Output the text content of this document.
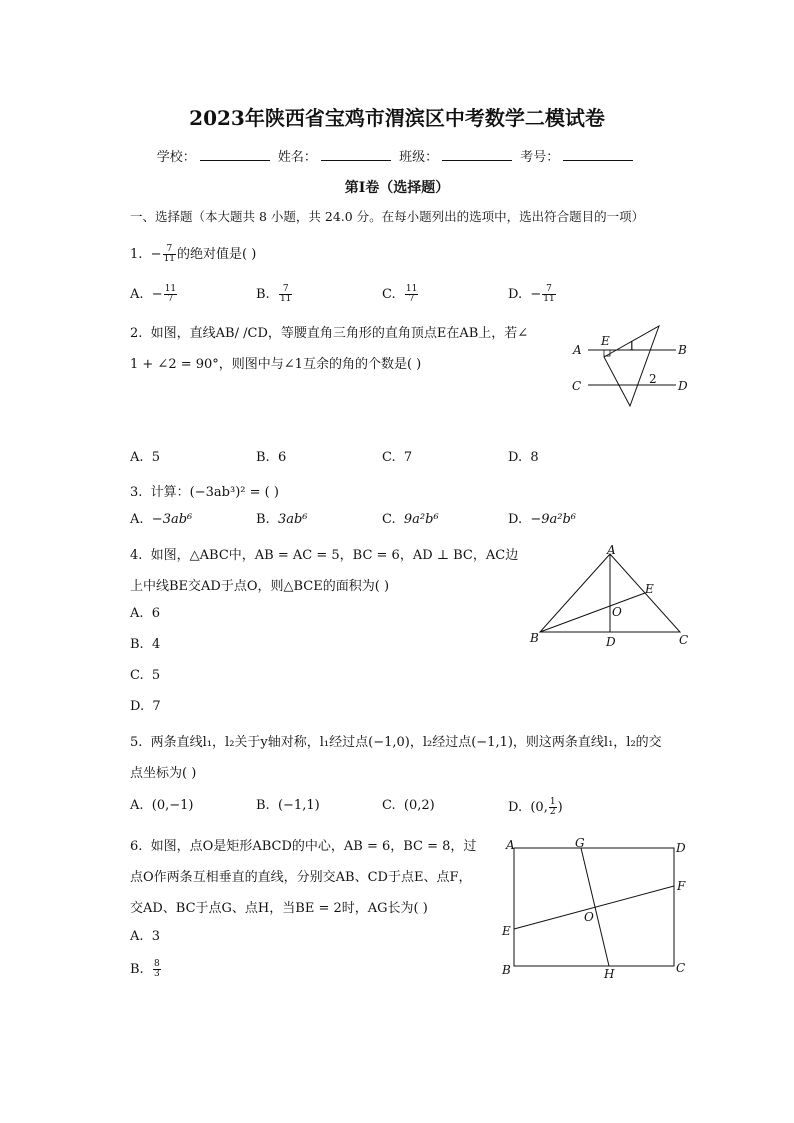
2023年陕西省宝鸡市渭滨区中考数学二模试卷
学校：	姓名：	班级：	考号：
第I卷（选择题）
一、选择题（本大题共 8 小题，共 24.0 分。在每小题列出的选项中，选出符合题目的一项）
1.  − $\frac{7}{11}$ 的绝对值是( )
A. − $\frac{11}{7}$	B. $\frac{7}{11}$	C. $\frac{11}{7}$	D. − $\frac{7}{11}$
2. 如图，直线AB/ /CD，等腰直角三角形的直角顶点E在AB上，若∠
1 + ∠2 = 90°，则图中与∠1互余的角的个数是( )
A	B
C	D
E 1
2
A. 5	B. 6	C. 7	D. 8
3. 计算：(−3ab³)² = ( )
A. −3ab⁶	B. 3ab⁶	C. 9a²b⁶	D. −9a²b⁶
4. 如图，△ABC中，AB = AC = 5，BC = 6，AD ⊥ BC，AC边
上中线BE交AD于点O，则△BCE的面积为( )
A
B	C
D
E
O
A. 6
B. 4
C. 5
D. 7
5. 两条直线l₁，l₂关于y轴对称，l₁经过点(−1,0)，l₂经过点(−1,1)，则这两条直线l₁，l₂的交
点坐标为( )
A. (0,−1)	B. (−1,1)	C. (0,2)	D. (0, $\frac{1}{2}$ )
6. 如图，点O是矩形ABCD的中心，AB = 6，BC = 8，过
点O作两条互相垂直的直线，分别交AB、CD于点E、点F，
交AD、BC于点G、点H，当BE = 2时，AG长为( )
A
B	C
D
E
F
G
H
O
A. 3
B. $\frac{8}{3}$
